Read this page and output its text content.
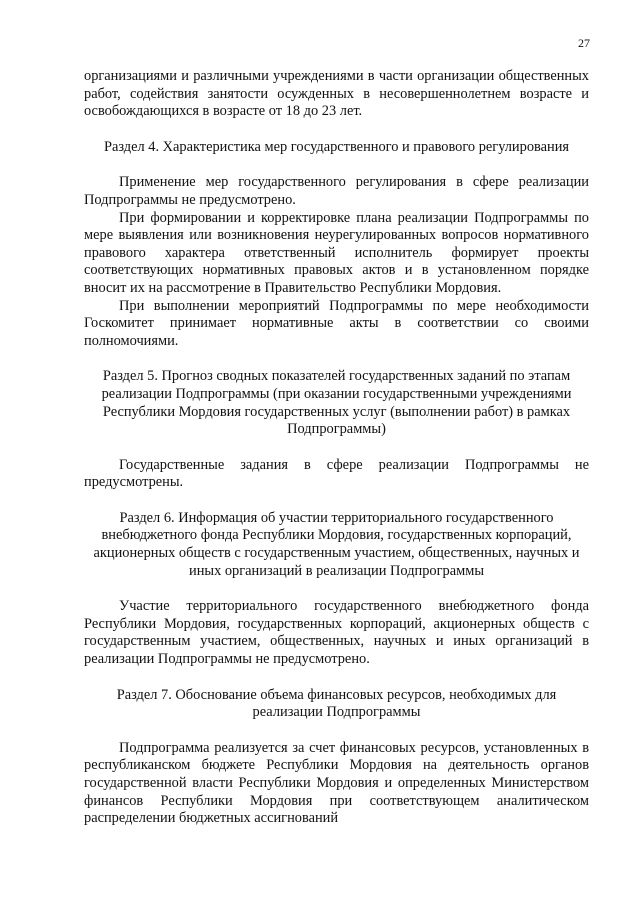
27

организациями и различными учреждениями в части организации общественных работ, содействия занятости осужденных в несовершеннолетнем возрасте и освобождающихся в возрасте от 18 до 23 лет.

Раздел 4. Характеристика мер государственного и правового регулирования

Применение мер государственного регулирования в сфере реализации Подпрограммы не предусмотрено.

При формировании и корректировке плана реализации Подпрограммы по мере выявления или возникновения неурегулированных вопросов нормативного правового характера ответственный исполнитель формирует проекты соответствующих нормативных правовых актов и в установленном порядке вносит их на рассмотрение в Правительство Республики Мордовия.

При выполнении мероприятий Подпрограммы по мере необходимости Госкомитет принимает нормативные акты в соответствии со своими полномочиями.

Раздел 5. Прогноз сводных показателей государственных заданий по этапам реализации Подпрограммы (при оказании государственными учреждениями Республики Мордовия государственных услуг (выполнении работ) в рамках Подпрограммы)

Государственные задания в сфере реализации Подпрограммы не предусмотрены.

Раздел 6. Информация об участии территориального государственного внебюджетного фонда Республики Мордовия, государственных корпораций, акционерных обществ с государственным участием, общественных, научных и иных организаций в реализации Подпрограммы

Участие территориального государственного внебюджетного фонда Республики Мордовия, государственных корпораций, акционерных обществ с государственным участием, общественных, научных и иных организаций в реализации Подпрограммы не предусмотрено.

Раздел 7. Обоснование объема финансовых ресурсов, необходимых для реализации Подпрограммы

Подпрограмма реализуется за счет финансовых ресурсов, установленных в республиканском бюджете Республики Мордовия на деятельность органов государственной власти Республики Мордовия и определенных Министерством финансов Республики Мордовия при соответствующем аналитическом распределении бюджетных ассигнований
